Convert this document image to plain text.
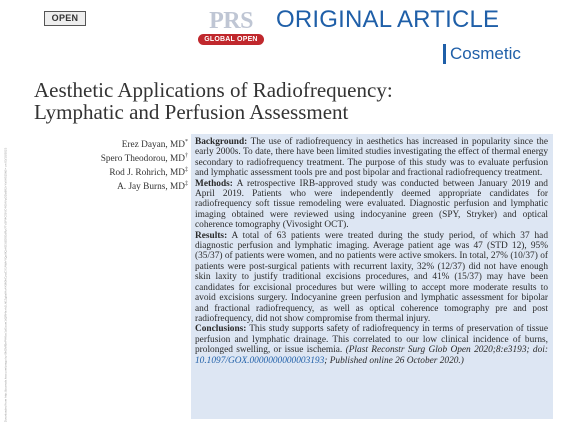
OPEN	PRS
GLOBAL OPEN
ORIGINAL ARTICLE
Cosmetic
Aesthetic Applications of Radiofrequency:
Lymphatic and Perfusion Assessment
Downloaded from http://journals.lww.com/prsgo by BhDMf5ePHKav1zEoum1tQfN4a+kJLhEZgbsIHo4XMi0hCywCX1AWnYQp/IlQrHD3i3D0OdRyi7TvSFl4Cf3VC4/OAVpDDa8K2+Ya6H515kE= on 03/10/2023
Erez Dayan, MD*
Spero Theodorou, MD†
Rod J. Rohrich, MD‡
A. Jay Burns, MD‡

Background: The use of radiofrequency in aesthetics has increased in popularity since the early 2000s. To date, there have been limited studies investigating the effect of thermal energy secondary to radiofrequency treatment. The purpose of this study was to evaluate perfusion and lymphatic assessment tools pre and post bipolar and fractional radiofrequency treatment.

Methods: A retrospective IRB-approved study was conducted between January 2019 and April 2019. Patients who were independently deemed appropriate candidates for radiofrequency soft tissue remodeling were evaluated. Diagnostic perfusion and lymphatic imaging obtained were reviewed using indocyanine green (SPY, Stryker) and optical coherence tomography (Vivosight OCT).

Results: A total of 63 patients were treated during the study period, of which 37 had diagnostic perfusion and lymphatic imaging. Average patient age was 47 (STD 12), 95% (35/37) of patients were women, and no patients were active smokers. In total, 27% (10/37) of patients were post-surgical patients with recurrent laxity, 32% (12/37) did not have enough skin laxity to justify traditional excisions procedures, and 41% (15/37) may have been candidates for excisional procedures but were willing to accept more moderate results to avoid excisions surgery. Indocyanine green perfusion and lymphatic assessment for bipolar and fractional radiofrequency, as well as optical coherence tomography pre and post radiofrequency, did not show compromise from thermal injury.

Conclusions: This study supports safety of radiofrequency in terms of preservation of tissue perfusion and lymphatic drainage. This correlated to our low clinical incidence of burns, prolonged swelling, or issue ischemia. (Plast Reconstr Surg Glob Open 2020;8:e3193; doi: 10.1097/GOX.0000000000003193; Published online 26 October 2020.)
